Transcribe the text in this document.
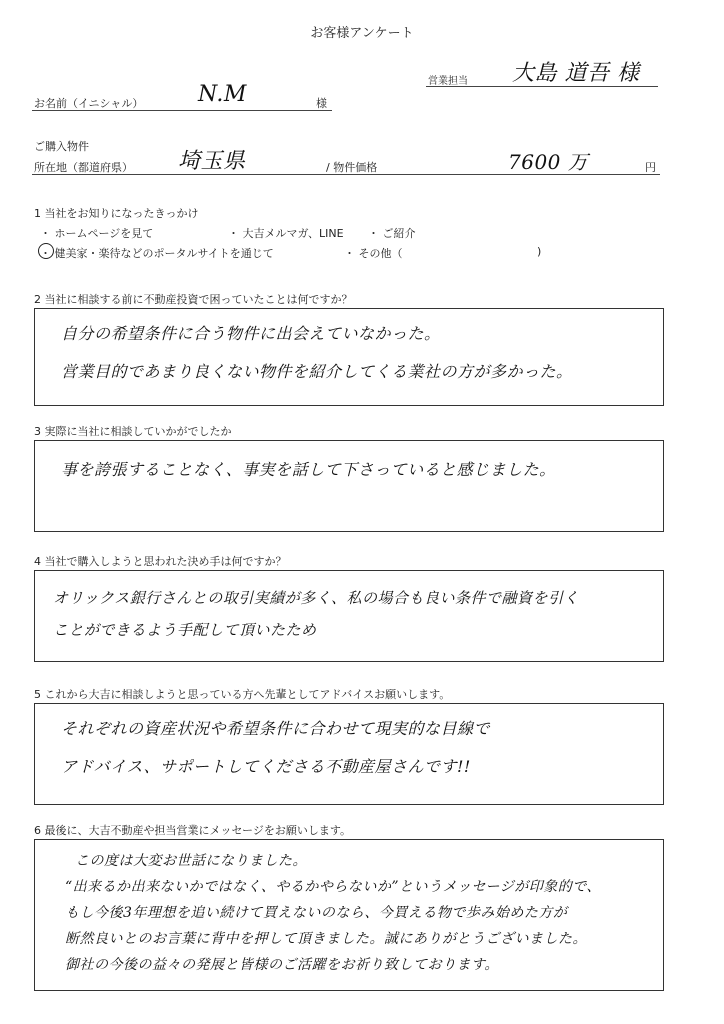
お客様アンケート
営業担当 大島 道吾 様
お名前（イニシャル） N.M	様
ご購入物件
所在地（都道府県） 埼玉県	/ 物件価格	7600 万	円
1 当社をお知りになったきっかけ
・ ホームページを見て	・ 大吉メルマガ、LINE ・ ご紹介
・ 健美家・楽待などのポータルサイトを通じて	・ その他（	)
2 当社に相談する前に不動産投資で困っていたことは何ですか？
自分の希望条件に合う物件に出会えていなかった。
営業目的であまり良くない物件を紹介してくる業社の方が多かった。
3 実際に当社に相談していかがでしたか
事を誇張することなく、事実を話して下さっていると感じました。
4 当社で購入しようと思われた決め手は何ですか？
オリックス銀行さんとの取引実績が多く、私の場合も良い条件で融資を引く
ことができるよう手配して頂いたため
5 これから大吉に相談しようと思っている方へ先輩としてアドバイスお願いします。
それぞれの資産状況や希望条件に合わせて現実的な目線で
アドバイス、サポートしてくださる不動産屋さんです!!
6 最後に、大吉不動産や担当営業にメッセージをお願いします。
この度は大変お世話になりました。
“出来るか出来ないかではなく、やるかやらないか”というメッセージが印象的で、
もし今後3年理想を追い続けて買えないのなら、今買える物で歩み始めた方が
断然良いとのお言葉に背中を押して頂きました。誠にありがとうございました。
御社の今後の益々の発展と皆様のご活躍をお祈り致しております。
